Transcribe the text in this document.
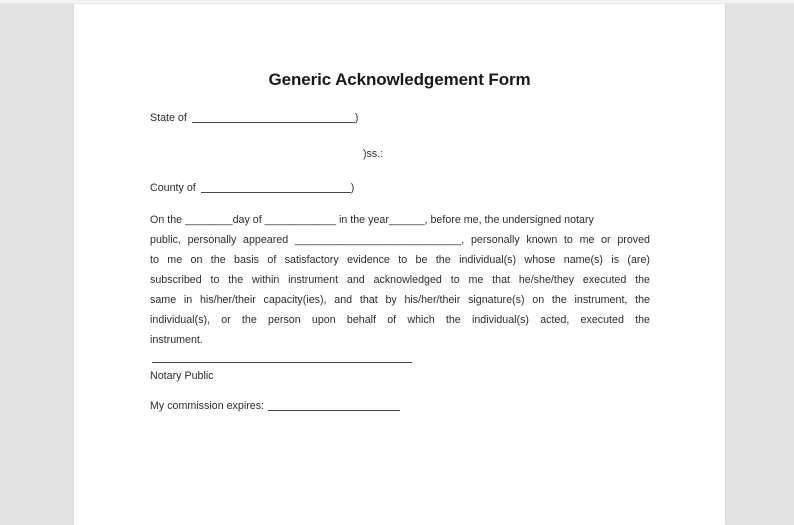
Generic Acknowledgement Form
State of	)
)ss.:
County of	)
On the ________day of ____________ in the year______, before me, the undersigned notary
public, personally appeared ____________________________, personally known to me or proved
to me on the basis of satisfactory evidence to be the individual(s) whose name(s) is (are)
subscribed to the within instrument and acknowledged to me that he/she/they executed the
same in his/her/their capacity(ies), and that by his/her/their signature(s) on the instrument, the
individual(s), or the person upon behalf of which the individual(s) acted, executed the
instrument.
Notary Public
My commission expires:
